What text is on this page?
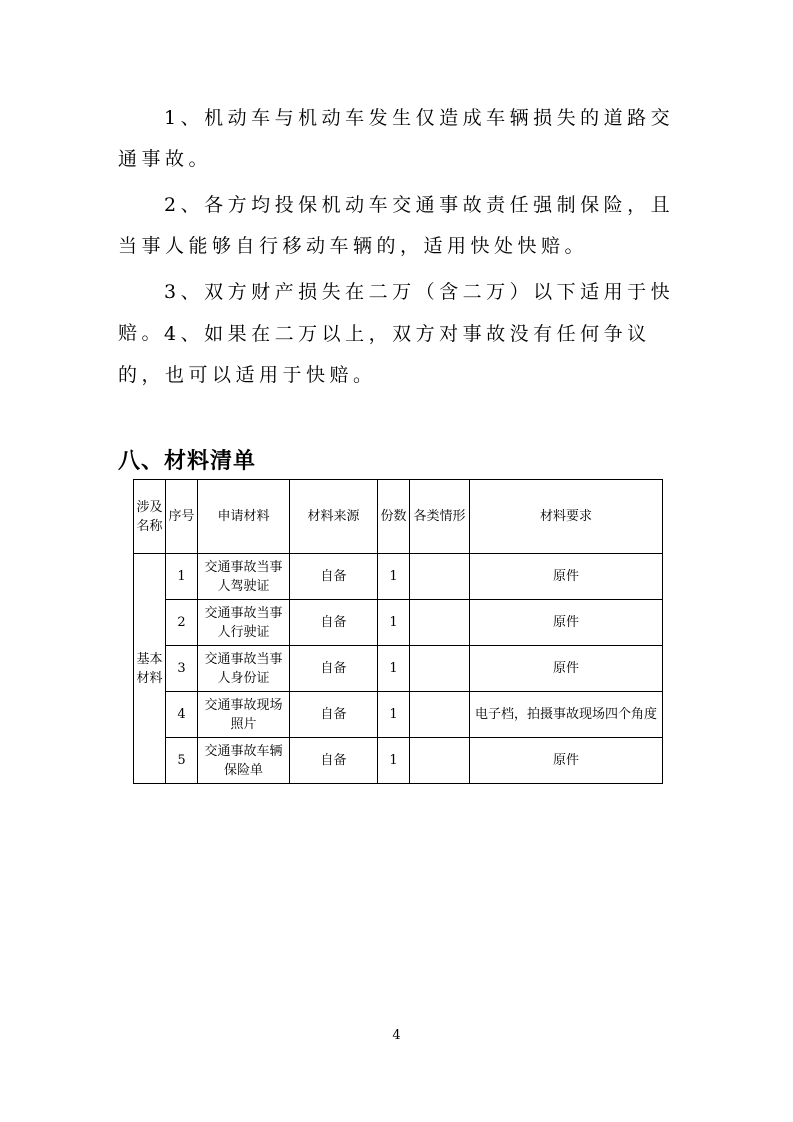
1、机动车与机动车发生仅造成车辆损失的道路交通事故。

2、各方均投保机动车交通事故责任强制保险，且当事人能够自行移动车辆的，适用快处快赔。

3、双方财产损失在二万（含二万）以下适用于快赔。

4、如果在二万以上，双方对事故没有任何争议的，也可以适用于快赔。

八、材料清单
涉及名称	序号	申请材料	材料来源	份数	各类情形	材料要求
基本材料	1	交通事故当事人驾驶证	自备	1		原件
	2	交通事故当事人行驶证	自备	1		原件
	3	交通事故当事人身份证	自备	1		原件
	4	交通事故现场照片	自备	1		电子档，拍摄事故现场四个角度
	5	交通事故车辆保险单	自备	1		原件
4
